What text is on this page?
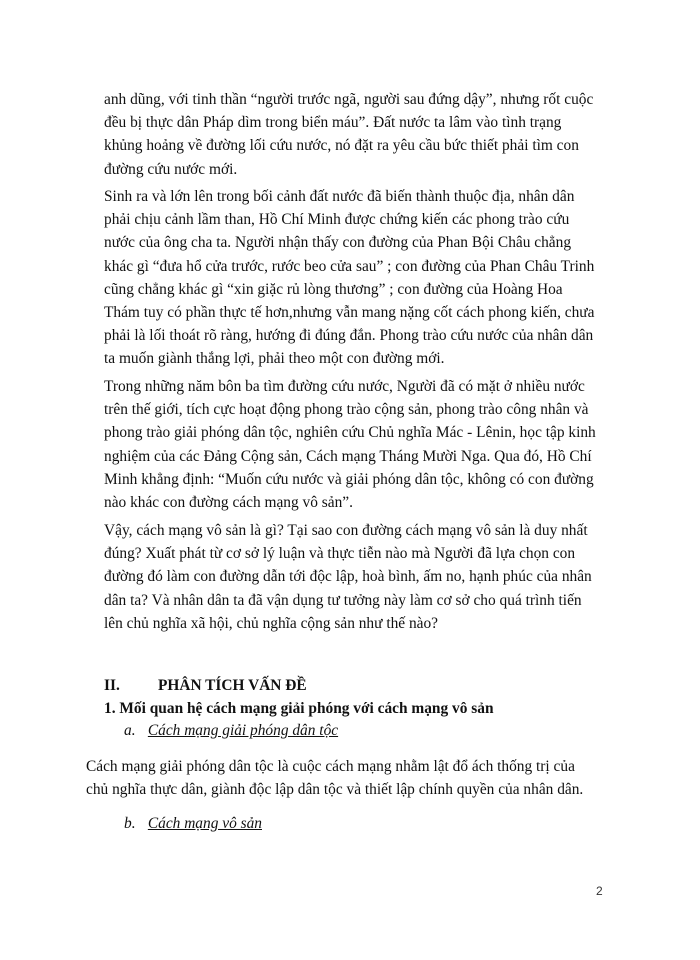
anh dũng, với tinh thần “người trước ngã, người sau đứng dậy”, nhưng rốt cuộc
đều bị thực dân Pháp dìm trong biển máu”. Đất nước ta lâm vào tình trạng
khủng hoảng về đường lối cứu nước, nó đặt ra yêu cầu bức thiết phải tìm con
đường cứu nước mới.

Sinh ra và lớn lên trong bối cảnh đất nước đã biến thành thuộc địa, nhân dân
phải chịu cảnh lầm than, Hồ Chí Minh được chứng kiến các phong trào cứu
nước của ông cha ta. Người nhận thấy con đường của Phan Bội Châu chẳng
khác gì “đưa hổ cửa trước, rước beo cửa sau” ; con đường của Phan Châu Trinh
cũng chẳng khác gì “xin giặc rủ lòng thương” ; con đường của Hoàng Hoa
Thám tuy có phần thực tế hơn,nhưng vẫn mang nặng cốt cách phong kiến, chưa
phải là lối thoát rõ ràng, hướng đi đúng đắn. Phong trào cứu nước của nhân dân
ta muốn giành thắng lợi, phải theo một con đường mới.

Trong những năm bôn ba tìm đường cứu nước, Người đã có mặt ở nhiều nước
trên thế giới, tích cực hoạt động phong trào cộng sản, phong trào công nhân và
phong trào giải phóng dân tộc, nghiên cứu Chủ nghĩa Mác - Lênin, học tập kinh
nghiệm của các Đảng Cộng sản, Cách mạng Tháng Mười Nga. Qua đó, Hồ Chí
Minh khẳng định: “Muốn cứu nước và giải phóng dân tộc, không có con đường
nào khác con đường cách mạng vô sản”.

Vậy, cách mạng vô sản là gì? Tại sao con đường cách mạng vô sản là duy nhất
đúng? Xuất phát từ cơ sở lý luận và thực tiễn nào mà Người đã lựa chọn con
đường đó làm con đường dẫn tới độc lập, hoà bình, ấm no, hạnh phúc của nhân
dân ta? Và nhân dân ta đã vận dụng tư tưởng này làm cơ sở cho quá trình tiến
lên chủ nghĩa xã hội, chủ nghĩa cộng sản như thế nào?

II. PHÂN TÍCH VẤN ĐỀ
1. Mối quan hệ cách mạng giải phóng với cách mạng vô sản
a. Cách mạng giải phóng dân tộc

Cách mạng giải phóng dân tộc là cuộc cách mạng nhằm lật đổ ách thống trị của
chủ nghĩa thực dân, giành độc lập dân tộc và thiết lập chính quyền của nhân dân.

b. Cách mạng vô sản
2
